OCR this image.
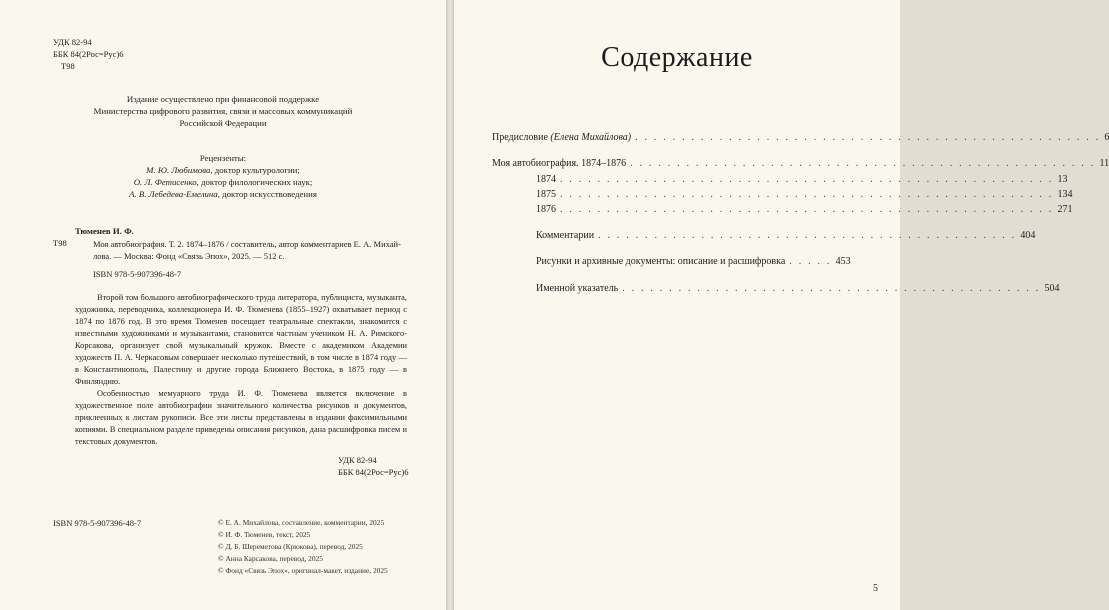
УДК 82-94
ББК 84(2Рос=Рус)6
Т98
Издание осуществлено при финансовой поддержке
Министерства цифрового развития, связи и массовых коммуникаций
Российской Федерации
Рецензенты:
М. Ю. Любимова, доктор культурологии;
О. Л. Фетисенко, доктор филологических наук;
А. В. Лебедева-Емелина, доктор искусствоведения
Тюменев И. Ф.
Т98	Моя автобиография. Т. 2. 1874–1876 / составитель, автор комментариев Е. А. Михай-
лова. — Москва: Фонд «Связь Эпох», 2025. — 512 с.
ISBN 978-5-907396-48-7

Второй том большого автобиографического труда литератора, публициста, музыканта, художника, переводчика, коллекционера И. Ф. Тюменева (1855–1927) охватывает период с 1874 по 1876 год. В это время Тюменев посещает театральные спектакли, знакомится с известными художниками и музыкантами, становится частным учеником Н. А. Римского-Корсакова, организует свой музыкальный кружок. Вместе с академиком Академии художеств П. А. Черкасовым совершает несколько путешествий, в том числе в 1874 году — в Константинополь, Палестину и другие города Ближнего Востока, в 1875 году — в Финляндию.

Особенностью мемуарного труда И. Ф. Тюменева является включение в художественное поле автобиографии значительного количества рисунков и документов, приклеенных к листам рукописи. Все эти листы представлены в издании факсимильными копиями. В специальном разделе приведены описания рисунков, дана расшифровка писем и текстовых документов.

УДК 82-94
ББК 84(2Рос=Рус)6
ISBN 978-5-907396-48-7	© Е. А. Михайлова, составление, комментарии, 2025
© И. Ф. Тюменев, текст, 2025
© Д. Б. Шереметова (Крюкова), перевод, 2025
© Анна Карсакова, перевод, 2025
© Фонд «Связь Эпох», оригинал-макет, издание, 2025
Содержание
Предисловие (Елена Михайлова) . . . . . . . . . . . . . . . . . . . . . . . . . . . . . . . . . . . . . . . . . . . . . . . . . . 6
Моя автобиография. 1874–1876 . . . . . . . . . . . . . . . . . . . . . . . . . . . . . . . . . . . . . . . . . . . . . . . . . . 11
1874 . . . . . . . . . . . . . . . . . . . . . . . . . . . . . . . . . . . . . . . . . . . . . . . . . . . . . 13
1875 . . . . . . . . . . . . . . . . . . . . . . . . . . . . . . . . . . . . . . . . . . . . . . . . . . . . . 134
1876 . . . . . . . . . . . . . . . . . . . . . . . . . . . . . . . . . . . . . . . . . . . . . . . . . . . . . 271
Комментарии . . . . . . . . . . . . . . . . . . . . . . . . . . . . . . . . . . . . . . . . . . . . . 404
Рисунки и архивные документы: описание и расшифровка . . . . . 453
Именной указатель . . . . . . . . . . . . . . . . . . . . . . . . . . . . . . . . . . . . . . . . . . . . . 504
5
